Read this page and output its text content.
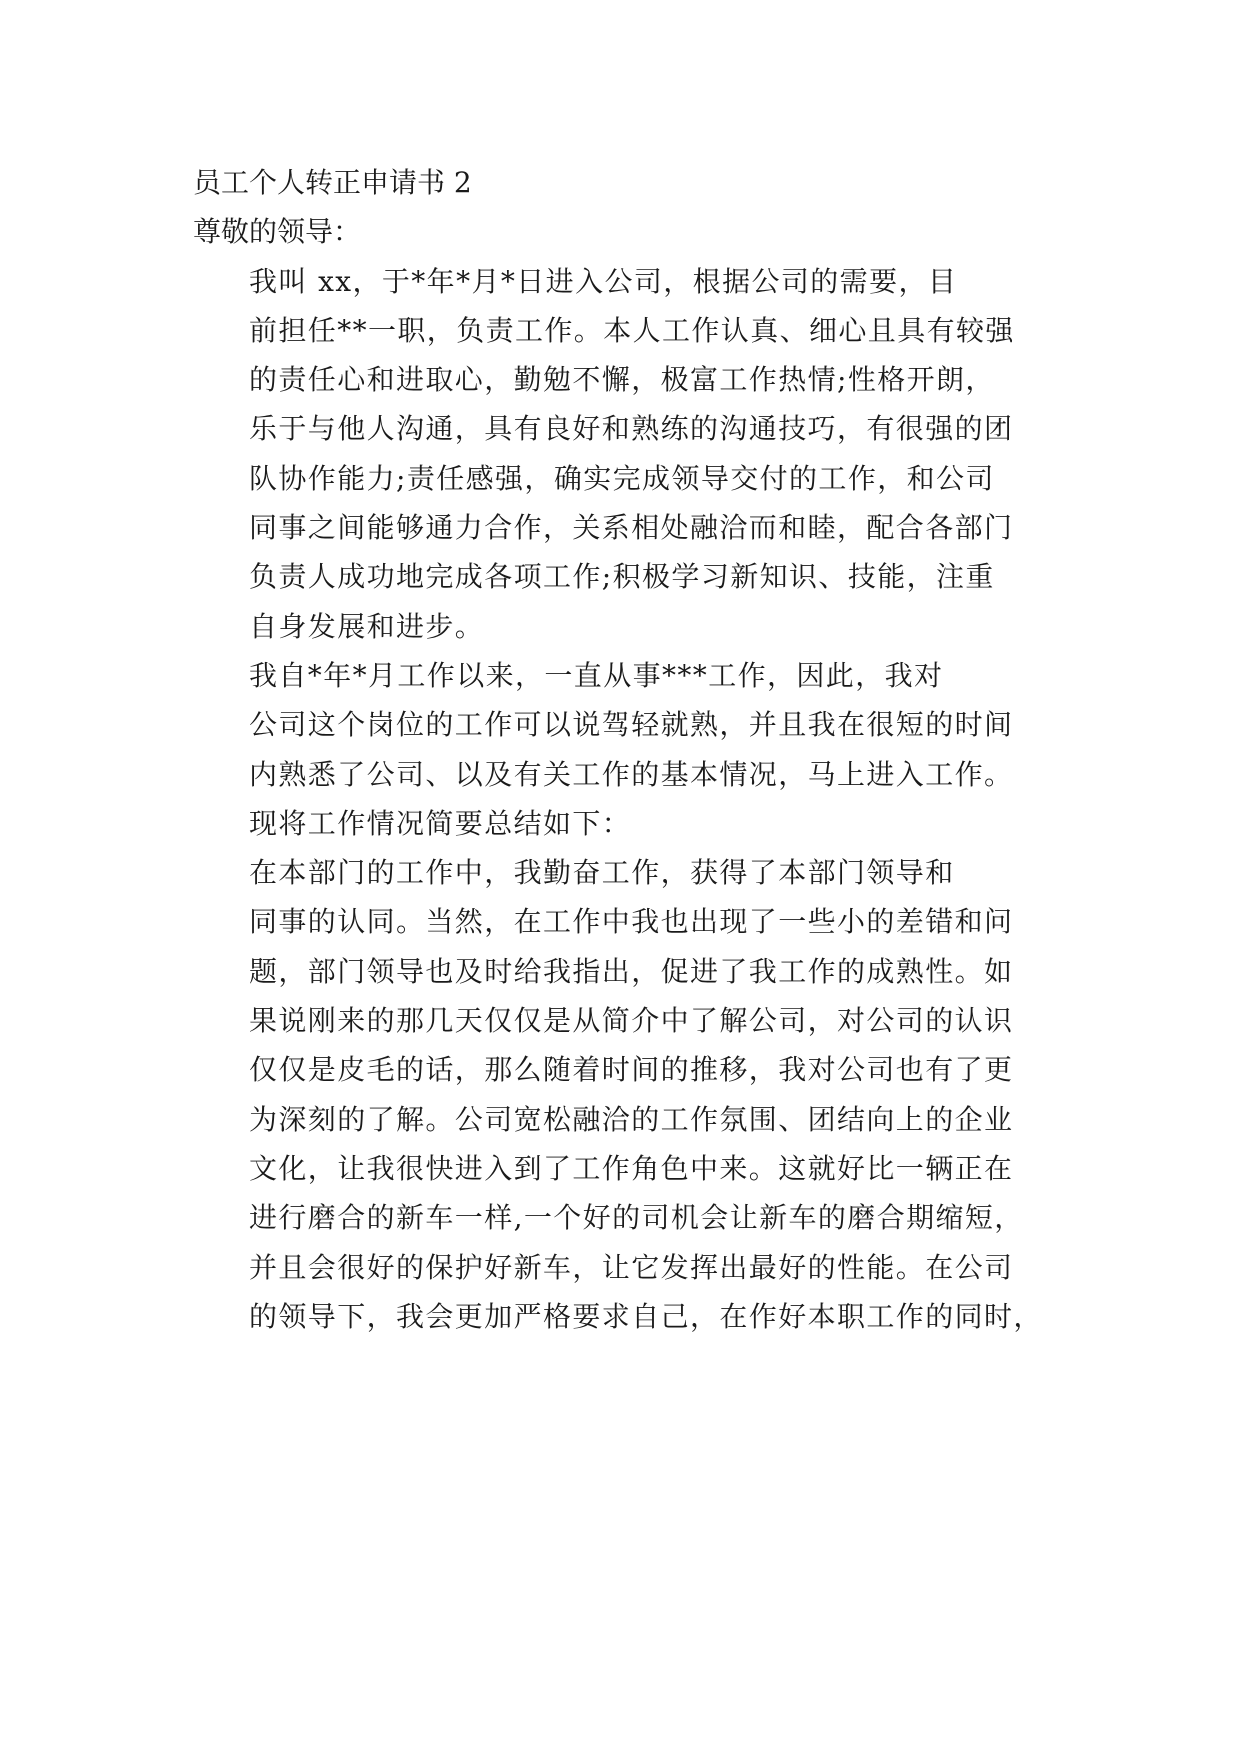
员工个人转正申请书 2

尊敬的领导：

我叫 xx，于*年*月*日进入公司，根据公司的需要，目
前担任**一职，负责工作。本人工作认真、细心且具有较强
的责任心和进取心，勤勉不懈，极富工作热情;性格开朗，
乐于与他人沟通，具有良好和熟练的沟通技巧，有很强的团
队协作能力;责任感强，确实完成领导交付的工作，和公司
同事之间能够通力合作，关系相处融洽而和睦，配合各部门
负责人成功地完成各项工作;积极学习新知识、技能，注重
自身发展和进步。

我自*年*月工作以来，一直从事***工作，因此，我对
公司这个岗位的工作可以说驾轻就熟，并且我在很短的时间
内熟悉了公司、以及有关工作的基本情况，马上进入工作。
现将工作情况简要总结如下：

在本部门的工作中，我勤奋工作，获得了本部门领导和
同事的认同。当然，在工作中我也出现了一些小的差错和问
题，部门领导也及时给我指出，促进了我工作的成熟性。如
果说刚来的那几天仅仅是从简介中了解公司，对公司的认识
仅仅是皮毛的话，那么随着时间的推移，我对公司也有了更
为深刻的了解。公司宽松融洽的工作氛围、团结向上的企业
文化，让我很快进入到了工作角色中来。这就好比一辆正在
进行磨合的新车一样,一个好的司机会让新车的磨合期缩短，
并且会很好的保护好新车，让它发挥出最好的性能。在公司
的领导下，我会更加严格要求自己，在作好本职工作的同时，
